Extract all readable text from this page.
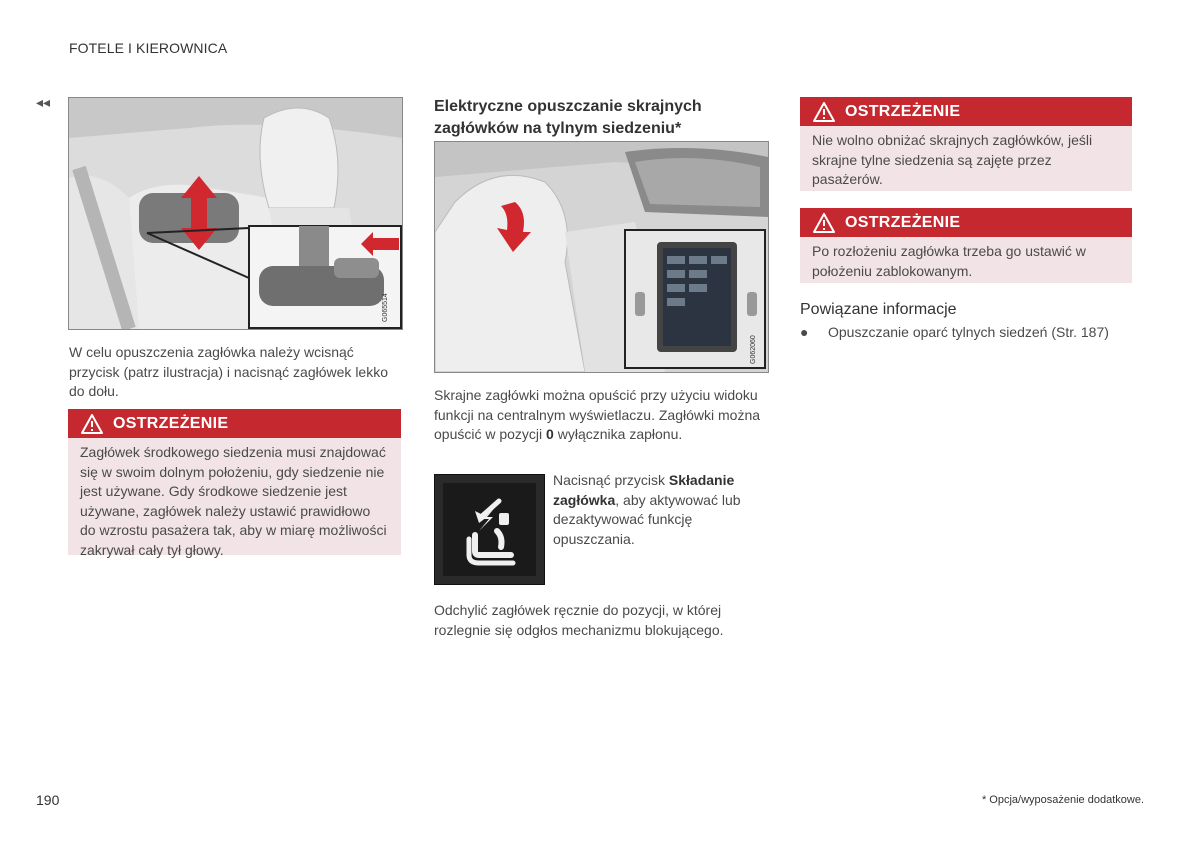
FOTELE I KIEROWNICA
◂◂
G065514
W celu opuszczenia zagłówka należy wcisnąć przycisk (patrz ilustracja) i nacisnąć zagłówek lekko do dołu.
OSTRZEŻENIE
Zagłówek środkowego siedzenia musi znajdować się w swoim dolnym położeniu, gdy siedzenie nie jest używane. Gdy środkowe siedzenie jest używane, zagłówek należy ustawić prawidłowo do wzrostu pasażera tak, aby w miarę możliwości zakrywał cały tył głowy.
Elektryczne opuszczanie skrajnych
zagłówków na tylnym siedzeniu*
G062060
Skrajne zagłówki można opuścić przy użyciu widoku funkcji na centralnym wyświetlaczu. Zagłówki można opuścić w pozycji 0 wyłącznika zapłonu.
Nacisnąć przycisk Składanie zagłówka, aby aktywować lub dezaktywować funkcję opuszczania.
Odchylić zagłówek ręcznie do pozycji, w której rozlegnie się odgłos mechanizmu blokującego.
OSTRZEŻENIE
Nie wolno obniżać skrajnych zagłówków, jeśli skrajne tylne siedzenia są zajęte przez pasażerów.
OSTRZEŻENIE
Po rozłożeniu zagłówka trzeba go ustawić w położeniu zablokowanym.
Powiązane informacje
●	Opuszczanie oparć tylnych siedzeń (Str. 187)
190	* Opcja/wyposażenie dodatkowe.
